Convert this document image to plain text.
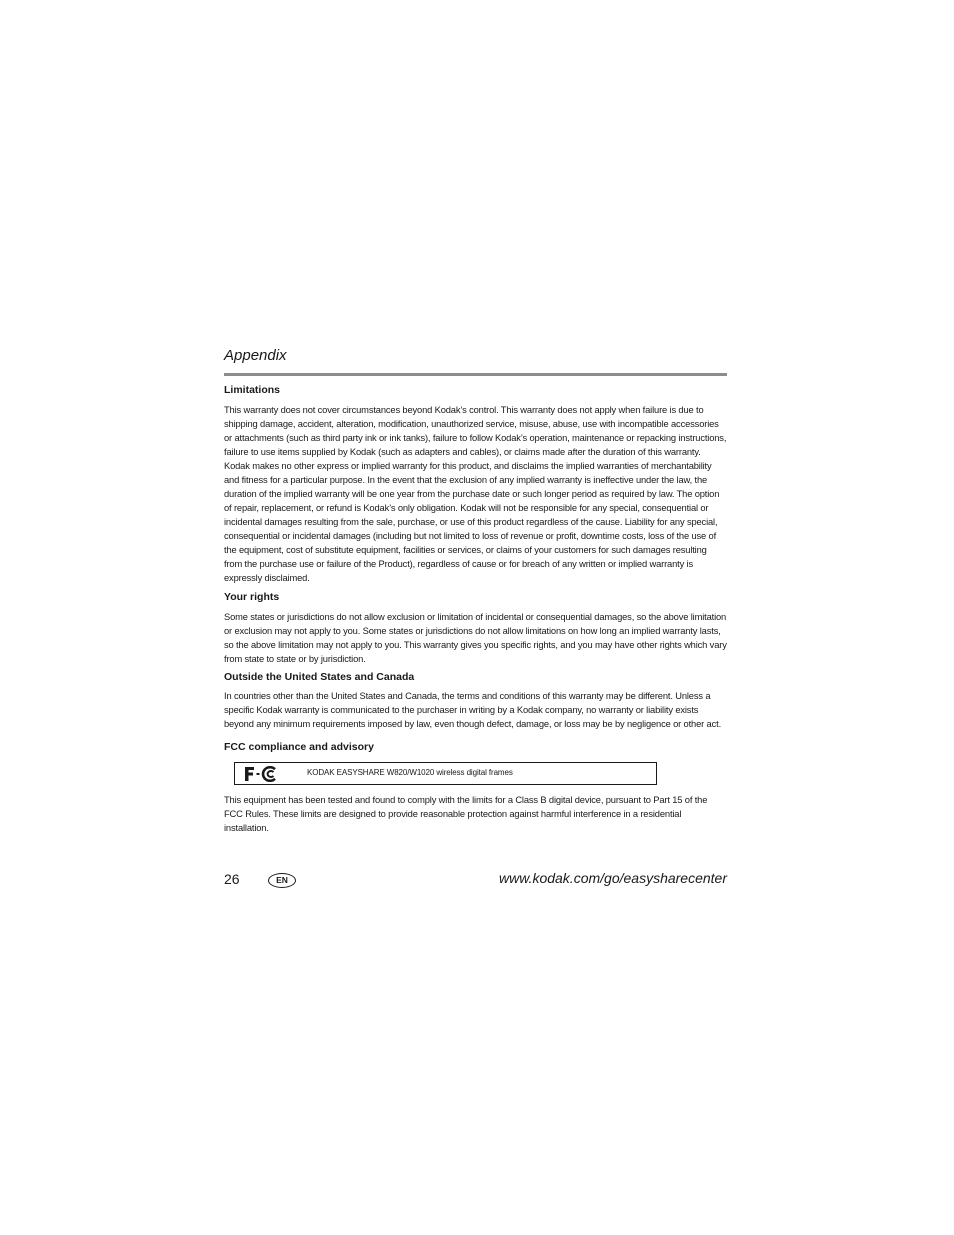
Appendix
Limitations

This warranty does not cover circumstances beyond Kodak’s control. This warranty does not apply when failure is due to shipping damage, accident, alteration, modification, unauthorized service, misuse, abuse, use with incompatible accessories or attachments (such as third party ink or ink tanks), failure to follow Kodak’s operation, maintenance or repacking instructions, failure to use items supplied by Kodak (such as adapters and cables), or claims made after the duration of this warranty. Kodak makes no other express or implied warranty for this product, and disclaims the implied warranties of merchantability and fitness for a particular purpose. In the event that the exclusion of any implied warranty is ineffective under the law, the duration of the implied warranty will be one year from the purchase date or such longer period as required by law. The option of repair, replacement, or refund is Kodak’s only obligation. Kodak will not be responsible for any special, consequential or incidental damages resulting from the sale, purchase, or use of this product regardless of the cause. Liability for any special, consequential or incidental damages (including but not limited to loss of revenue or profit, downtime costs, loss of the use of the equipment, cost of substitute equipment, facilities or services, or claims of your customers for such damages resulting from the purchase use or failure of the Product), regardless of cause or for breach of any written or implied warranty is expressly disclaimed.

Your rights

Some states or jurisdictions do not allow exclusion or limitation of incidental or consequential damages, so the above limitation or exclusion may not apply to you. Some states or jurisdictions do not allow limitations on how long an implied warranty lasts, so the above limitation may not apply to you. This warranty gives you specific rights, and you may have other rights which vary from state to state or by jurisdiction.

Outside the United States and Canada

In countries other than the United States and Canada, the terms and conditions of this warranty may be different. Unless a specific Kodak warranty is communicated to the purchaser in writing by a Kodak company, no warranty or liability exists beyond any minimum requirements imposed by law, even though defect, damage, or loss may be by negligence or other act.

FCC compliance and advisory
KODAK EASYSHARE W820/W1020 wireless digital frames

This equipment has been tested and found to comply with the limits for a Class B digital device, pursuant to Part 15 of the FCC Rules. These limits are designed to provide reasonable protection against harmful interference in a residential installation.

26	EN	www.kodak.com/go/easysharecenter
